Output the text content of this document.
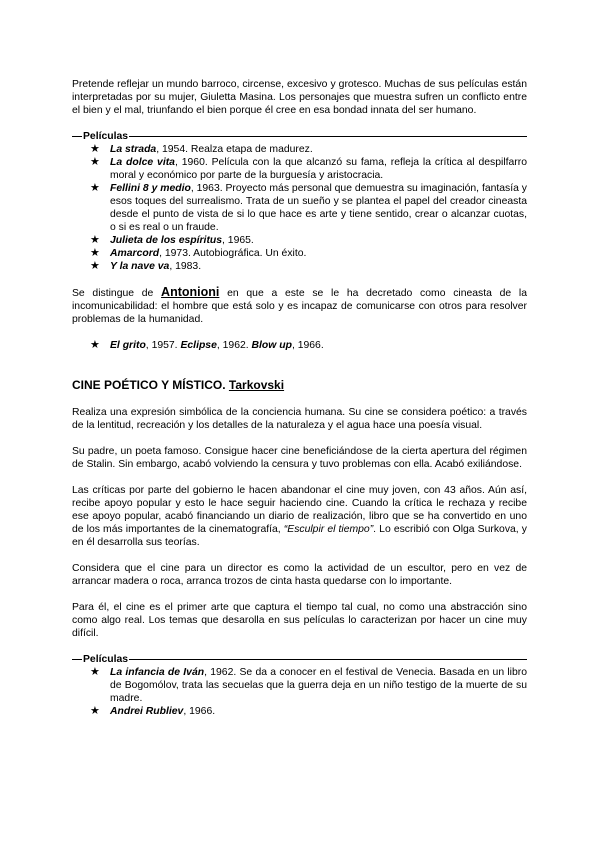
Pretende reflejar un mundo barroco, circense, excesivo y grotesco. Muchas de sus películas están interpretadas por su mujer, Giuletta Masina. Los personajes que muestra sufren un conflicto entre el bien y el mal, triunfando el bien porque él cree en esa bondad innata del ser humano.

Películas
★ La strada, 1954. Realza etapa de madurez.
★ La dolce vita, 1960. Película con la que alcanzó su fama, refleja la crítica al despilfarro moral y económico por parte de la burguesía y aristocracia.
★ Fellini 8 y medio, 1963. Proyecto más personal que demuestra su imaginación, fantasía y esos toques del surrealismo. Trata de un sueño y se plantea el papel del creador cineasta desde el punto de vista de si lo que hace es arte y tiene sentido, crear o alcanzar cuotas, o si es real o un fraude.
★ Julieta de los espíritus, 1965.
★ Amarcord, 1973. Autobiográfica. Un éxito.
★ Y la nave va, 1983.

Se distingue de Antonioni en que a este se le ha decretado como cineasta de la incomunicabilidad: el hombre que está solo y es incapaz de comunicarse con otros para resolver problemas de la humanidad.

★ El grito, 1957. Eclipse, 1962. Blow up, 1966.
CINE POÉTICO Y MÍSTICO. Tarkovski

Realiza una expresión simbólica de la conciencia humana. Su cine se considera poético: a través de la lentitud, recreación y los detalles de la naturaleza y el agua hace una poesía visual.

Su padre, un poeta famoso. Consigue hacer cine beneficiándose de la cierta apertura del régimen de Stalin. Sin embargo, acabó volviendo la censura y tuvo problemas con ella. Acabó exiliándose.

Las críticas por parte del gobierno le hacen abandonar el cine muy joven, con 43 años. Aún así, recibe apoyo popular y esto le hace seguir haciendo cine. Cuando la crítica le rechaza y recibe ese apoyo popular, acabó financiando un diario de realización, libro que se ha convertido en uno de los más importantes de la cinematografía, “Esculpir el tiempo”. Lo escribió con Olga Surkova, y en él desarrolla sus teorías.

Considera que el cine para un director es como la actividad de un escultor, pero en vez de arrancar madera o roca, arranca trozos de cinta hasta quedarse con lo importante.

Para él, el cine es el primer arte que captura el tiempo tal cual, no como una abstracción sino como algo real. Los temas que desarolla en sus películas lo caracterizan por hacer un cine muy difícil.

Películas
★ La infancia de Iván, 1962. Se da a conocer en el festival de Venecia. Basada en un libro de Bogomólov, trata las secuelas que la guerra deja en un niño testigo de la muerte de su madre.
★ Andrei Rubliev, 1966.
